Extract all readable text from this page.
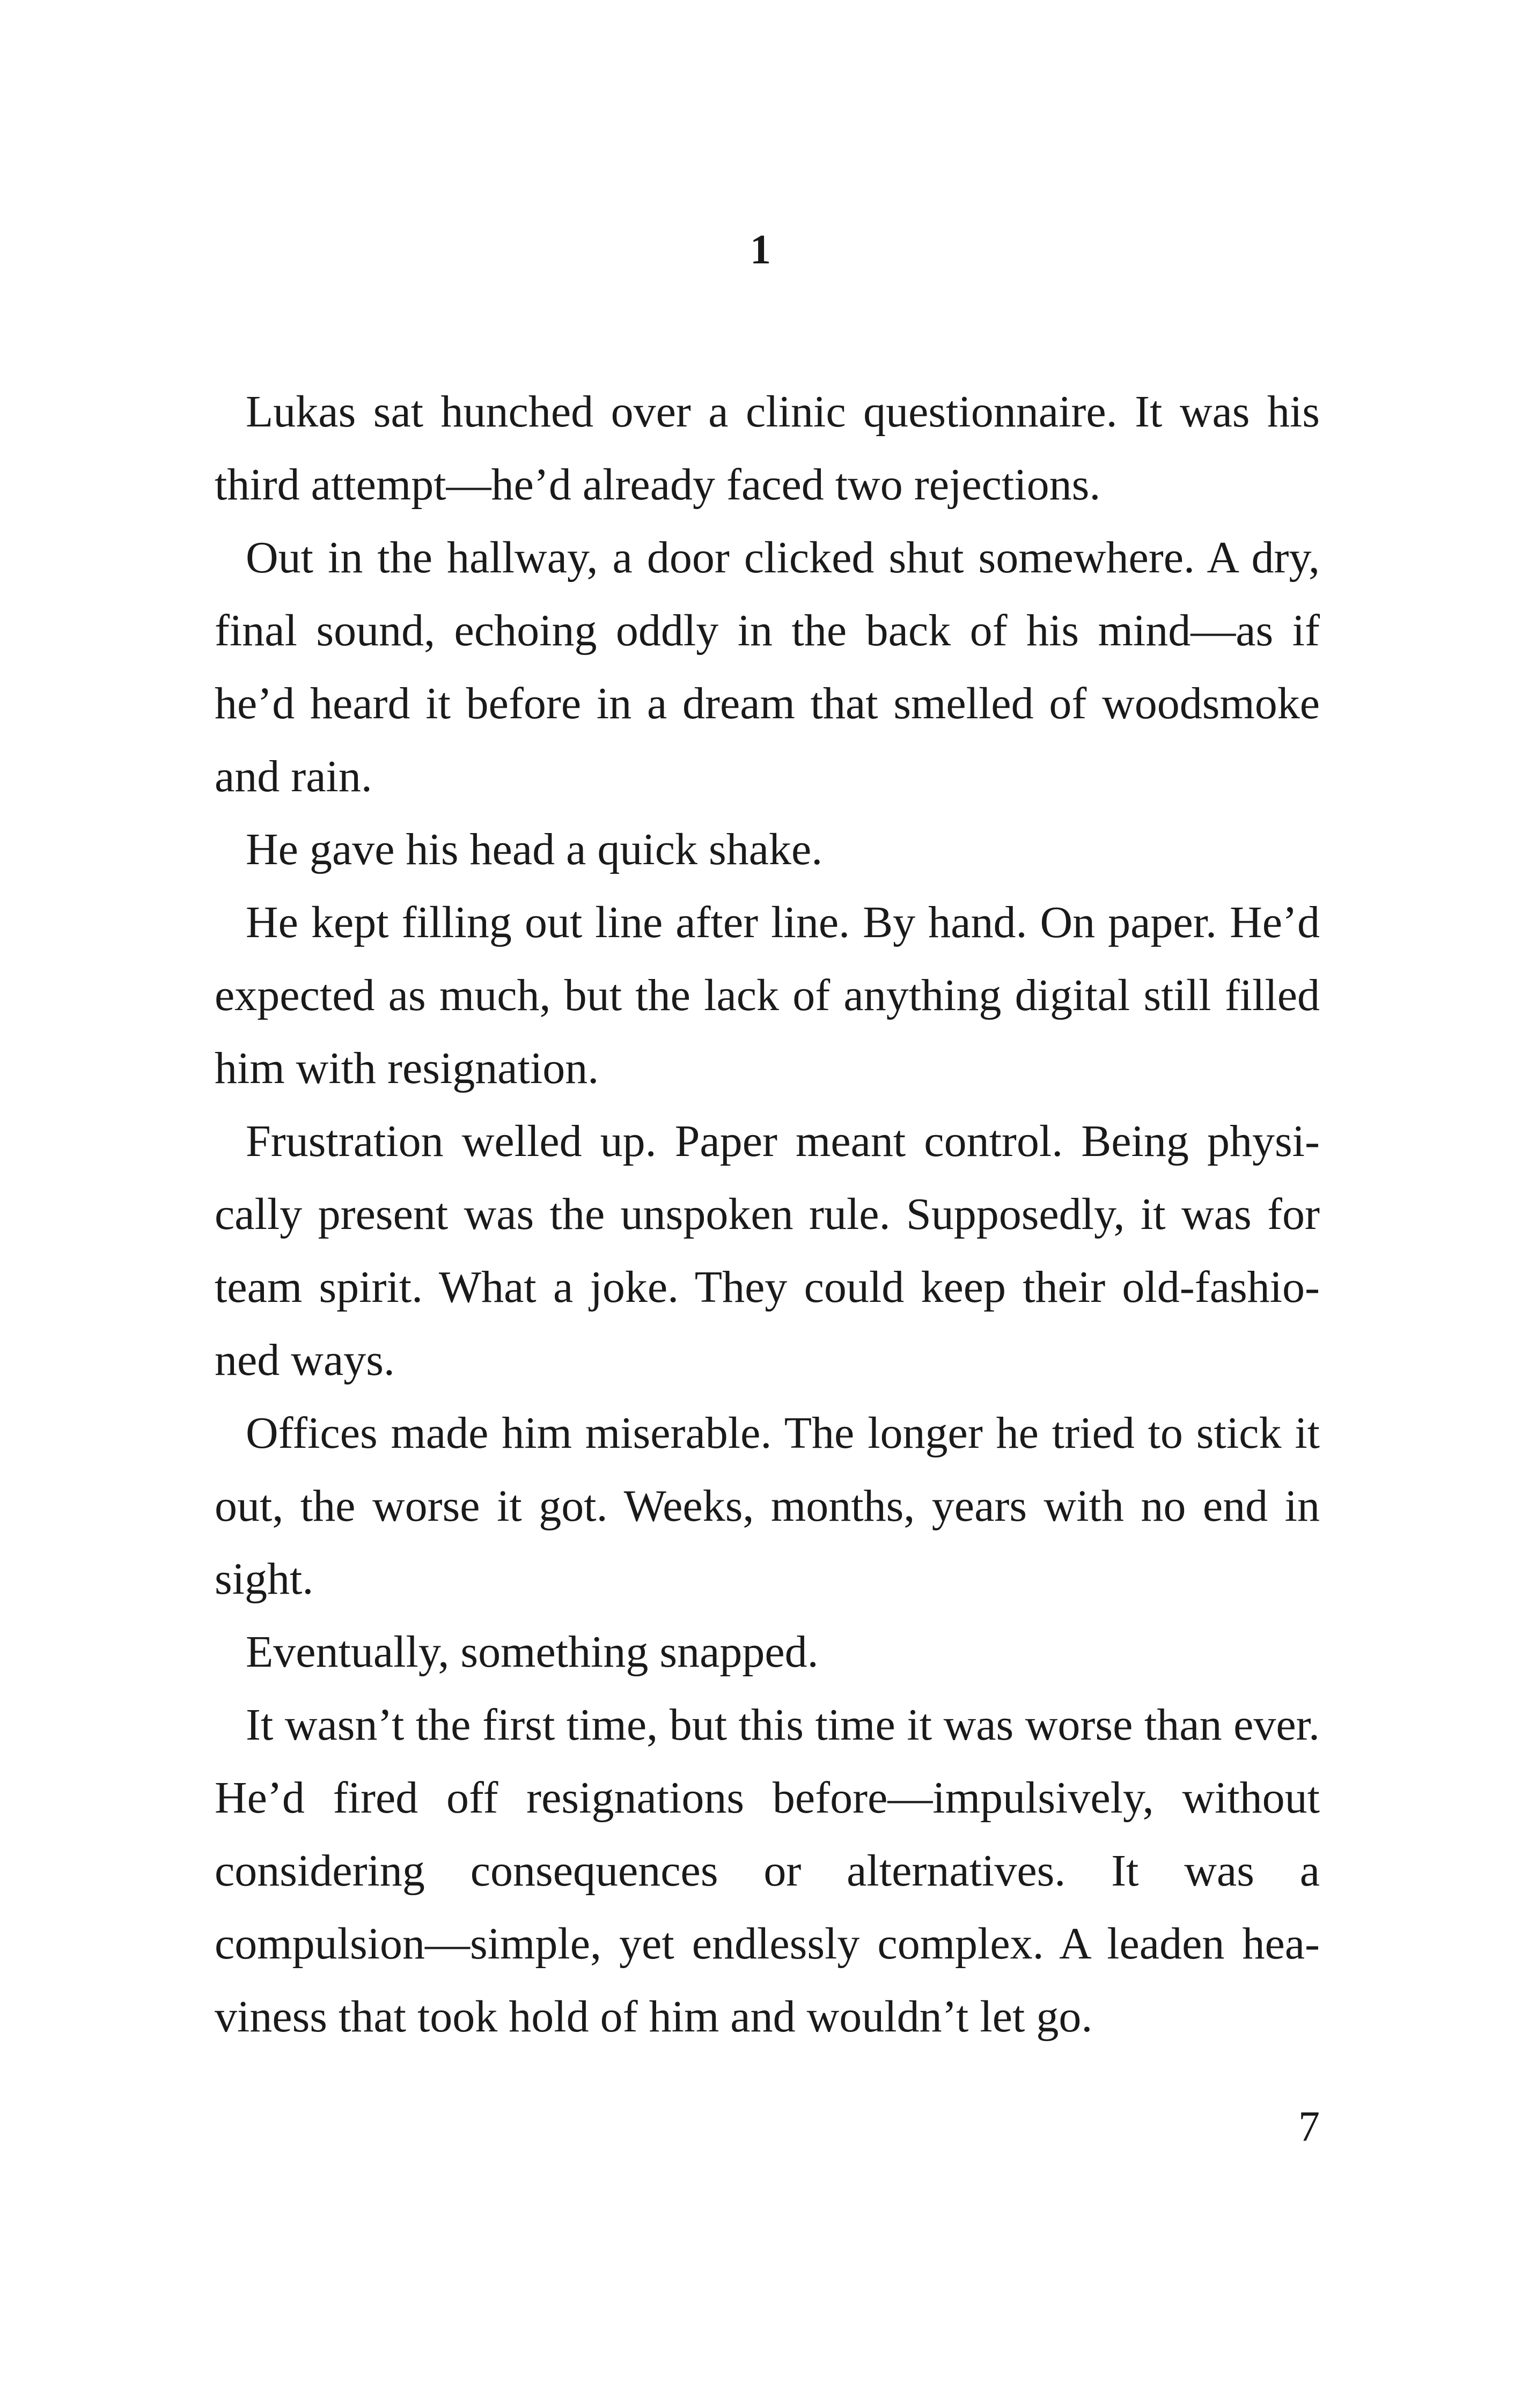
1

Lukas sat hunched over a clinic questionnaire. It was his third attempt—he’d already faced two rejections.

Out in the hallway, a door clicked shut somewhere. A dry, final sound, echoing oddly in the back of his mind—as if he’d heard it before in a dream that smelled of woodsmoke and rain.

He gave his head a quick shake.

He kept filling out line after line. By hand. On paper. He’d expected as much, but the lack of anything digital still filled him with resignation.

Frustration welled up. Paper meant control. Being physically present was the unspoken rule. Supposedly, it was for team spirit. What a joke. They could keep their old-fashioned ways.

Offices made him miserable. The longer he tried to stick it out, the worse it got. Weeks, months, years with no end in sight.

Eventually, something snapped.

It wasn’t the first time, but this time it was worse than ever. He’d fired off resignations before—impulsively, without considering consequences or alternatives. It was a compulsion—simple, yet endlessly complex. A leaden heaviness that took hold of him and wouldn’t let go.

7
